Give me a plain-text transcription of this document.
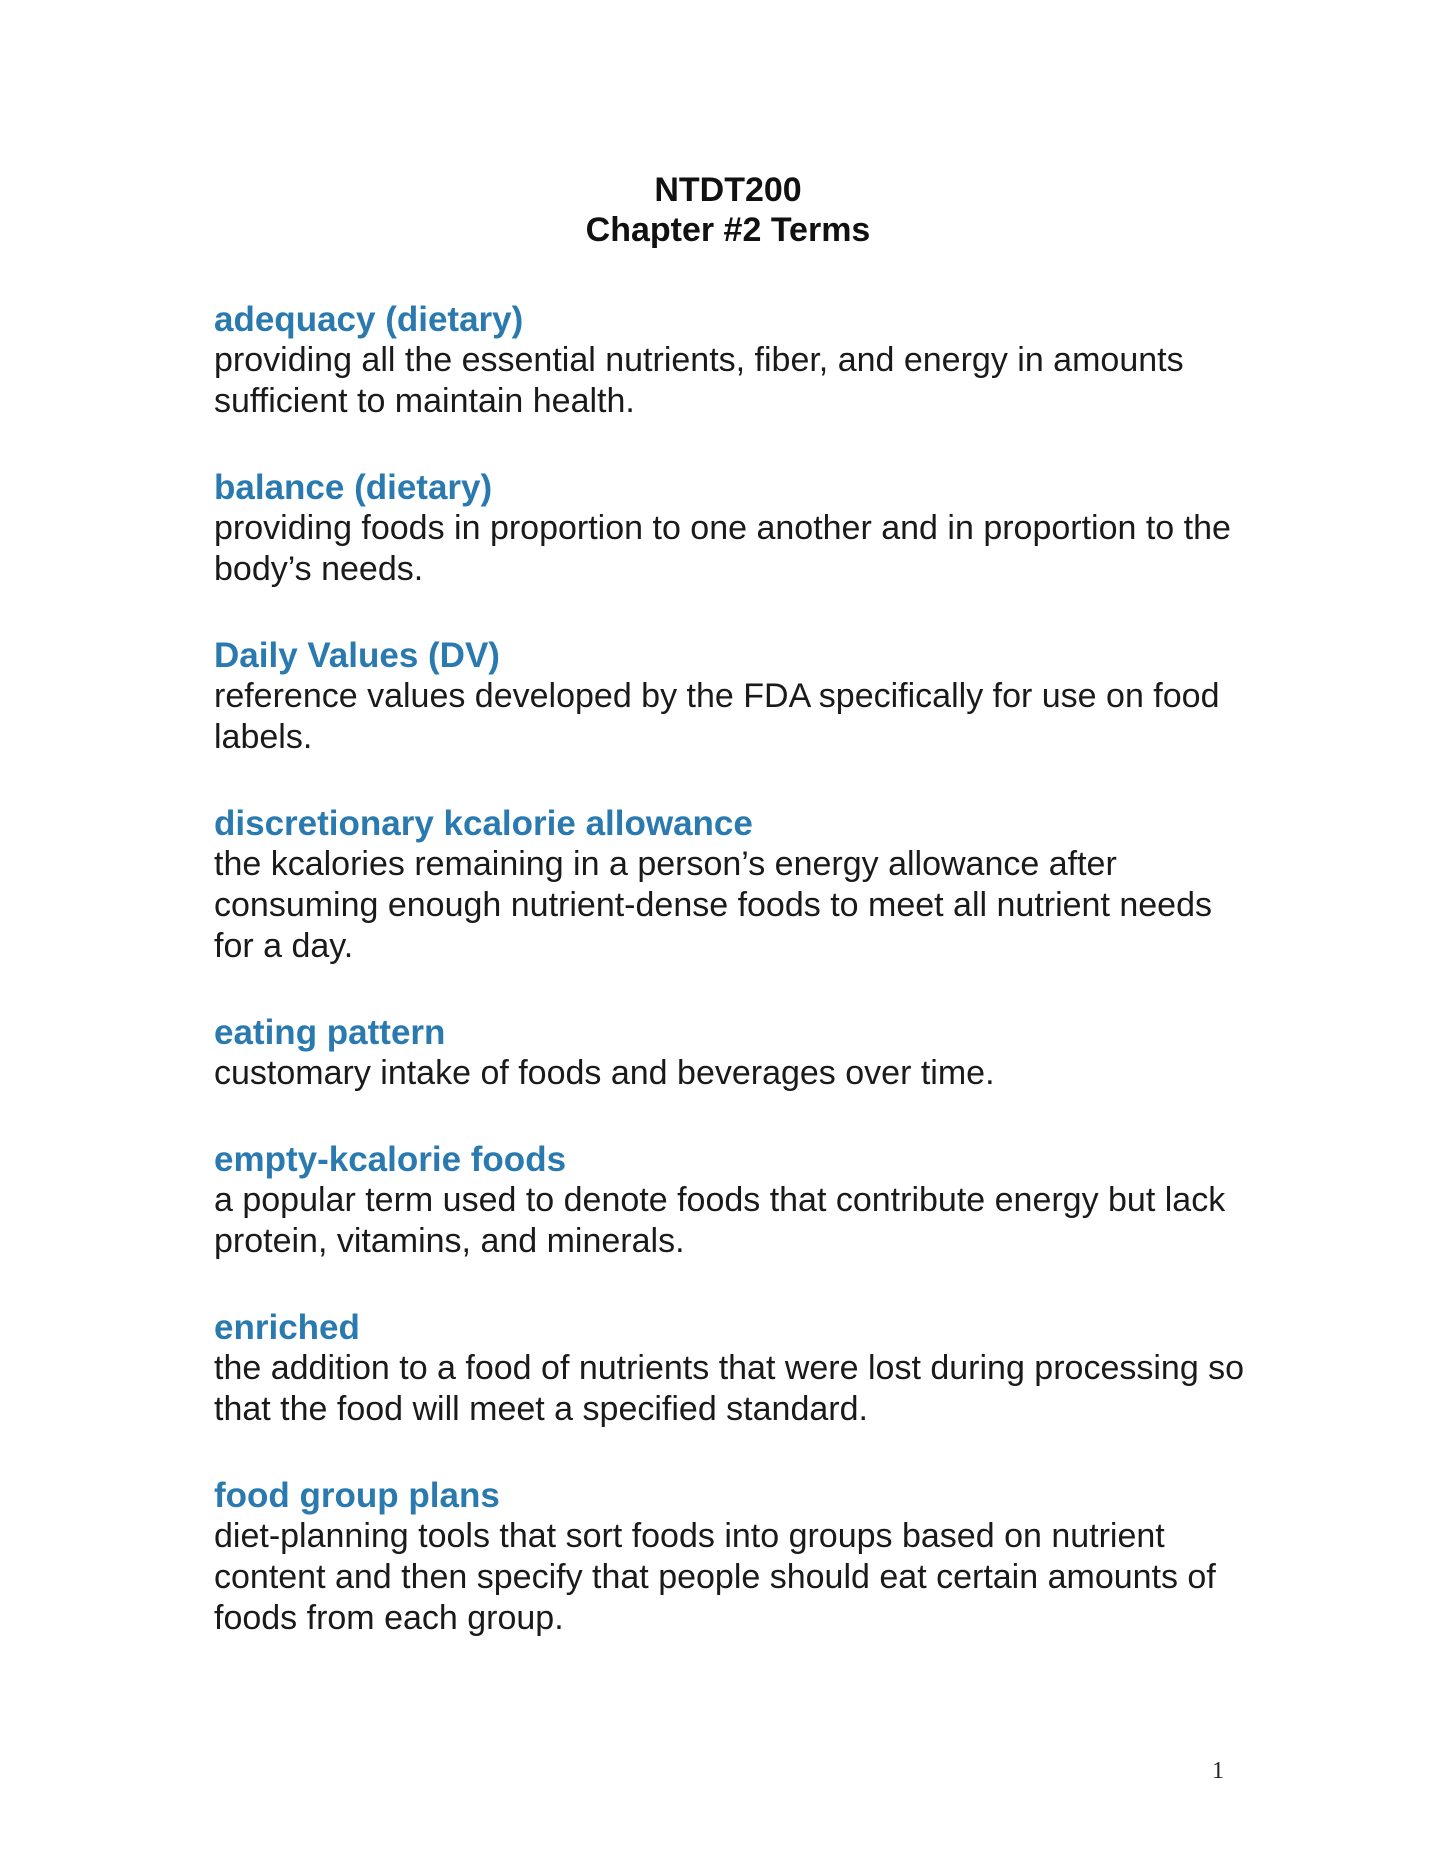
NTDT200
Chapter #2 Terms
adequacy (dietary)
providing all the essential nutrients, fiber, and energy in amounts sufficient to maintain health.
balance (dietary)
providing foods in proportion to one another and in proportion to the body’s needs.
Daily Values (DV)
reference values developed by the FDA specifically for use on food labels.
discretionary kcalorie allowance
the kcalories remaining in a person’s energy allowance after consuming enough nutrient-dense foods to meet all nutrient needs for a day.
eating pattern
customary intake of foods and beverages over time.
empty-kcalorie foods
a popular term used to denote foods that contribute energy but lack protein, vitamins, and minerals.
enriched
the addition to a food of nutrients that were lost during processing so that the food will meet a specified standard.
food group plans
diet-planning tools that sort foods into groups based on nutrient content and then specify that people should eat certain amounts of foods from each group.
1
